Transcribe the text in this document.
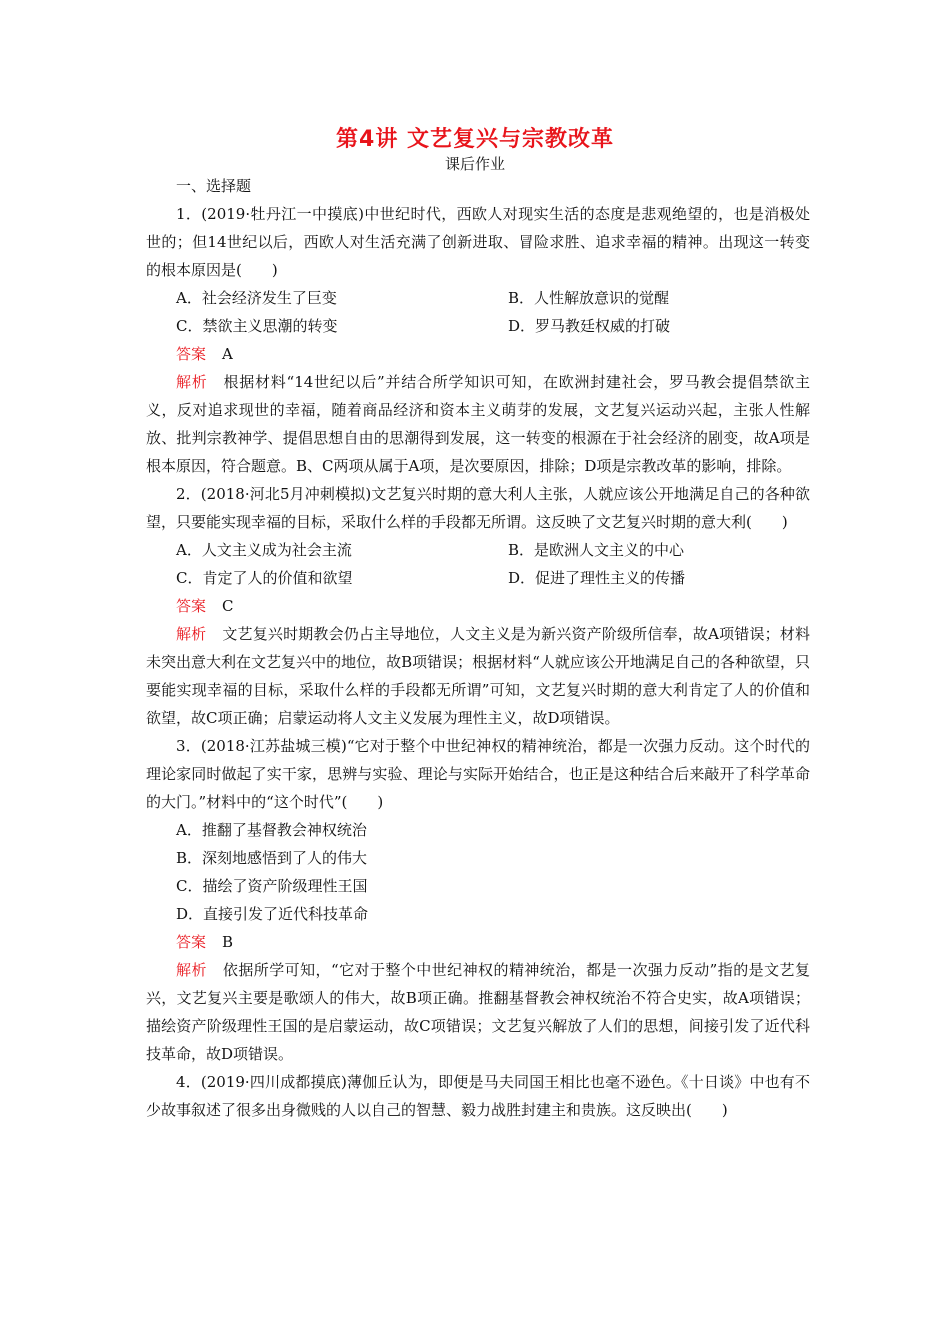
第4讲 文艺复兴与宗教改革
课后作业
一、选择题
1．(2019·牡丹江一中摸底)中世纪时代，西欧人对现实生活的态度是悲观绝望的，也是消极处世的；但14世纪以后，西欧人对生活充满了创新进取、冒险求胜、追求幸福的精神。出现这一转变的根本原因是(　　)
A．社会经济发生了巨变	B．人性解放意识的觉醒
C．禁欲主义思潮的转变	D．罗马教廷权威的打破
答案 A
解析 根据材料“14世纪以后”并结合所学知识可知，在欧洲封建社会，罗马教会提倡禁欲主义，反对追求现世的幸福，随着商品经济和资本主义萌芽的发展，文艺复兴运动兴起，主张人性解放、批判宗教神学、提倡思想自由的思潮得到发展，这一转变的根源在于社会经济的剧变，故A项是根本原因，符合题意。B、C两项从属于A项，是次要原因，排除；D项是宗教改革的影响，排除。
2．(2018·河北5月冲刺模拟)文艺复兴时期的意大利人主张，人就应该公开地满足自己的各种欲望，只要能实现幸福的目标，采取什么样的手段都无所谓。这反映了文艺复兴时期的意大利(　　)
A．人文主义成为社会主流	B．是欧洲人文主义的中心
C．肯定了人的价值和欲望	D．促进了理性主义的传播
答案 C
解析 文艺复兴时期教会仍占主导地位，人文主义是为新兴资产阶级所信奉，故A项错误；材料未突出意大利在文艺复兴中的地位，故B项错误；根据材料“人就应该公开地满足自己的各种欲望，只要能实现幸福的目标，采取什么样的手段都无所谓”可知，文艺复兴时期的意大利肯定了人的价值和欲望，故C项正确；启蒙运动将人文主义发展为理性主义，故D项错误。
3．(2018·江苏盐城三模)“它对于整个中世纪神权的精神统治，都是一次强力反动。这个时代的理论家同时做起了实干家，思辨与实验、理论与实际开始结合，也正是这种结合后来敲开了科学革命的大门。”材料中的“这个时代”(　　)
A．推翻了基督教会神权统治
B．深刻地感悟到了人的伟大
C．描绘了资产阶级理性王国
D．直接引发了近代科技革命
答案 B
解析 依据所学可知，“它对于整个中世纪神权的精神统治，都是一次强力反动”指的是文艺复兴，文艺复兴主要是歌颂人的伟大，故B项正确。推翻基督教会神权统治不符合史实，故A项错误；描绘资产阶级理性王国的是启蒙运动，故C项错误；文艺复兴解放了人们的思想，间接引发了近代科技革命，故D项错误。
4．(2019·四川成都摸底)薄伽丘认为，即便是马夫同国王相比也毫不逊色。《十日谈》中也有不少故事叙述了很多出身微贱的人以自己的智慧、毅力战胜封建主和贵族。这反映出(　　)
